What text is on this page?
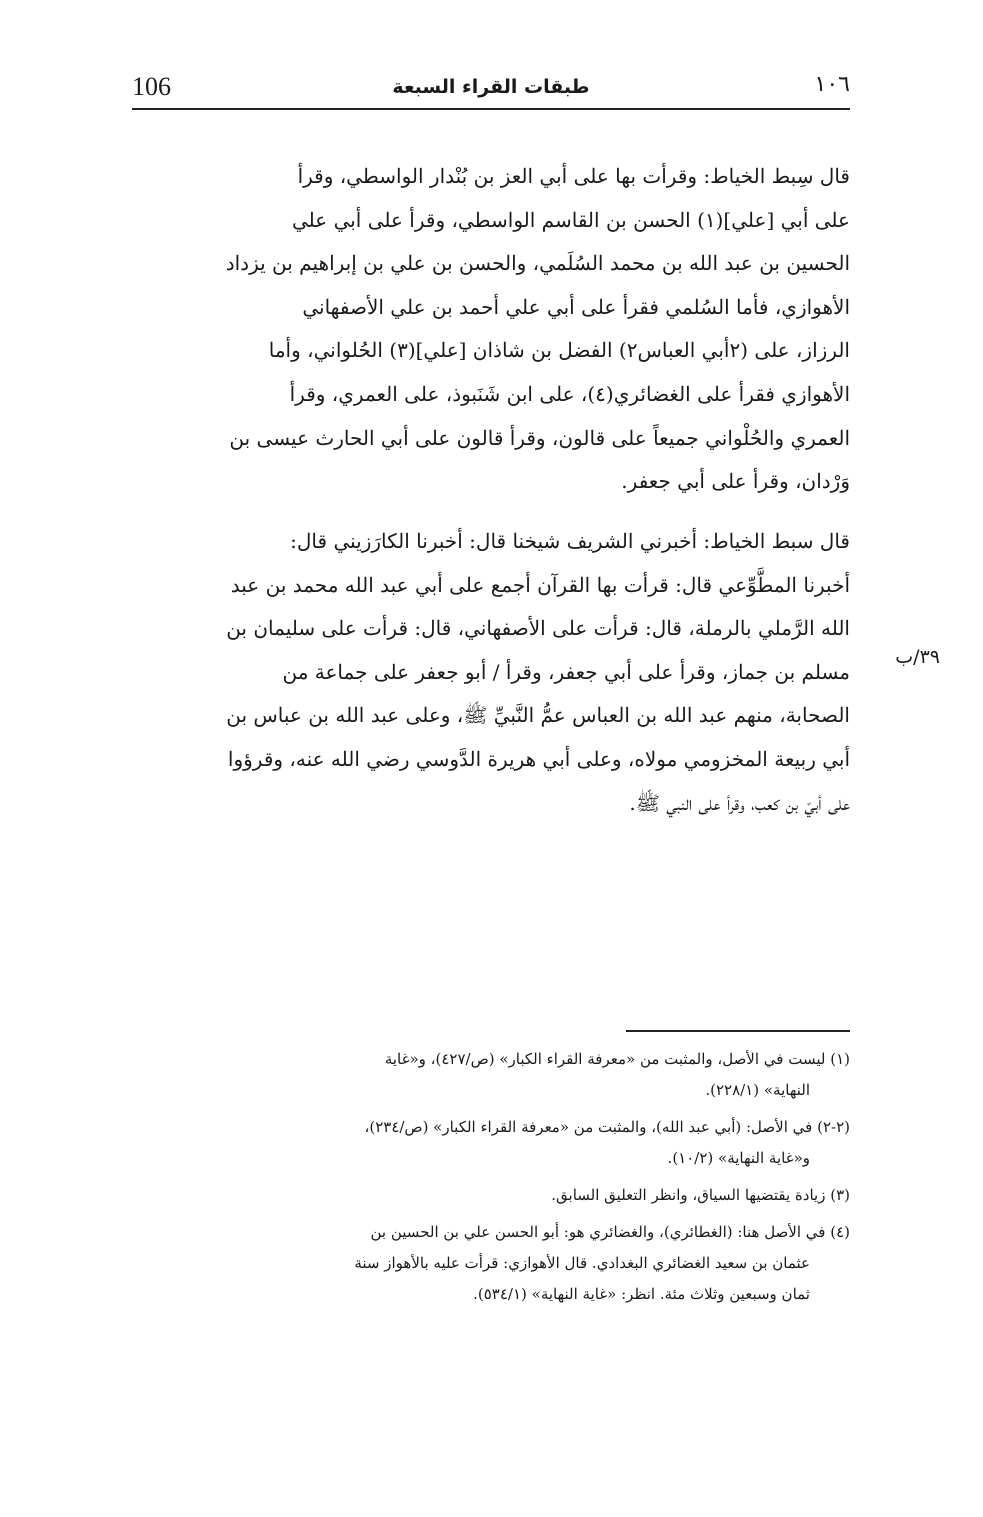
106	طبقات القراء السبعة	١٠٦
قال سِبط الخياط: وقرأت بها على أبي العز بن بُنْدار الواسطي، وقرأ
على أبي [علي](١) الحسن بن القاسم الواسطي، وقرأ على أبي علي
الحسين بن عبد الله بن محمد السُلَمي، والحسن بن علي بن إبراهيم بن يزداد
الأهوازي، فأما السُلمي فقرأ على أبي علي أحمد بن علي الأصفهاني
الرزاز، على (٢أبي العباس٢) الفضل بن شاذان [علي](٣) الحُلواني، وأما
الأهوازي فقرأ على الغضائري(٤)، على ابن شَنَبوذ، على العمري، وقرأ
العمري والحُلْواني جميعاً على قالون، وقرأ قالون على أبي الحارث عيسى بن
وَرْدان، وقرأ على أبي جعفر.
قال سبط الخياط: أخبرني الشريف شيخنا قال: أخبرنا الكارَزيني قال:
أخبرنا المطَّوِّعي قال: قرأت بها القرآن أجمع على أبي عبد الله محمد بن عبد
الله الرَّملي بالرملة، قال: قرأت على الأصفهاني، قال: قرأت على سليمان بن
مسلم بن جماز، وقرأ على أبي جعفر، وقرأ / أبو جعفر على جماعة من
الصحابة، منهم عبد الله بن العباس عمُّ النَّبيِّ ﷺ، وعلى عبد الله بن عباس بن
أبي ربيعة المخزومي مولاه، وعلى أبي هريرة الدَّوسي رضي الله عنه، وقرؤوا
على أبيّ بن كعب، وقرأ على النبي ﷺ.
٣٩/ب
(١) ليست في الأصل، والمثبت من «معرفة القراء الكبار» (ص/٤٢٧)، و«غاية
النهاية» (٢٢٨/١).
(٢-٢) في الأصل: (أبي عبد الله)، والمثبت من «معرفة القراء الكبار» (ص/٢٣٤)،
و«غاية النهاية» (١٠/٢).
(٣) زيادة يقتضيها السياق، وانظر التعليق السابق.
(٤) في الأصل هنا: (الغطائري)، والغضائري هو: أبو الحسن علي بن الحسين بن
عثمان بن سعيد الغضائري البغدادي. قال الأهوازي: قرأت عليه بالأهواز سنة
ثمان وسبعين وثلاث مئة. انظر: «غاية النهاية» (٥٣٤/١).
